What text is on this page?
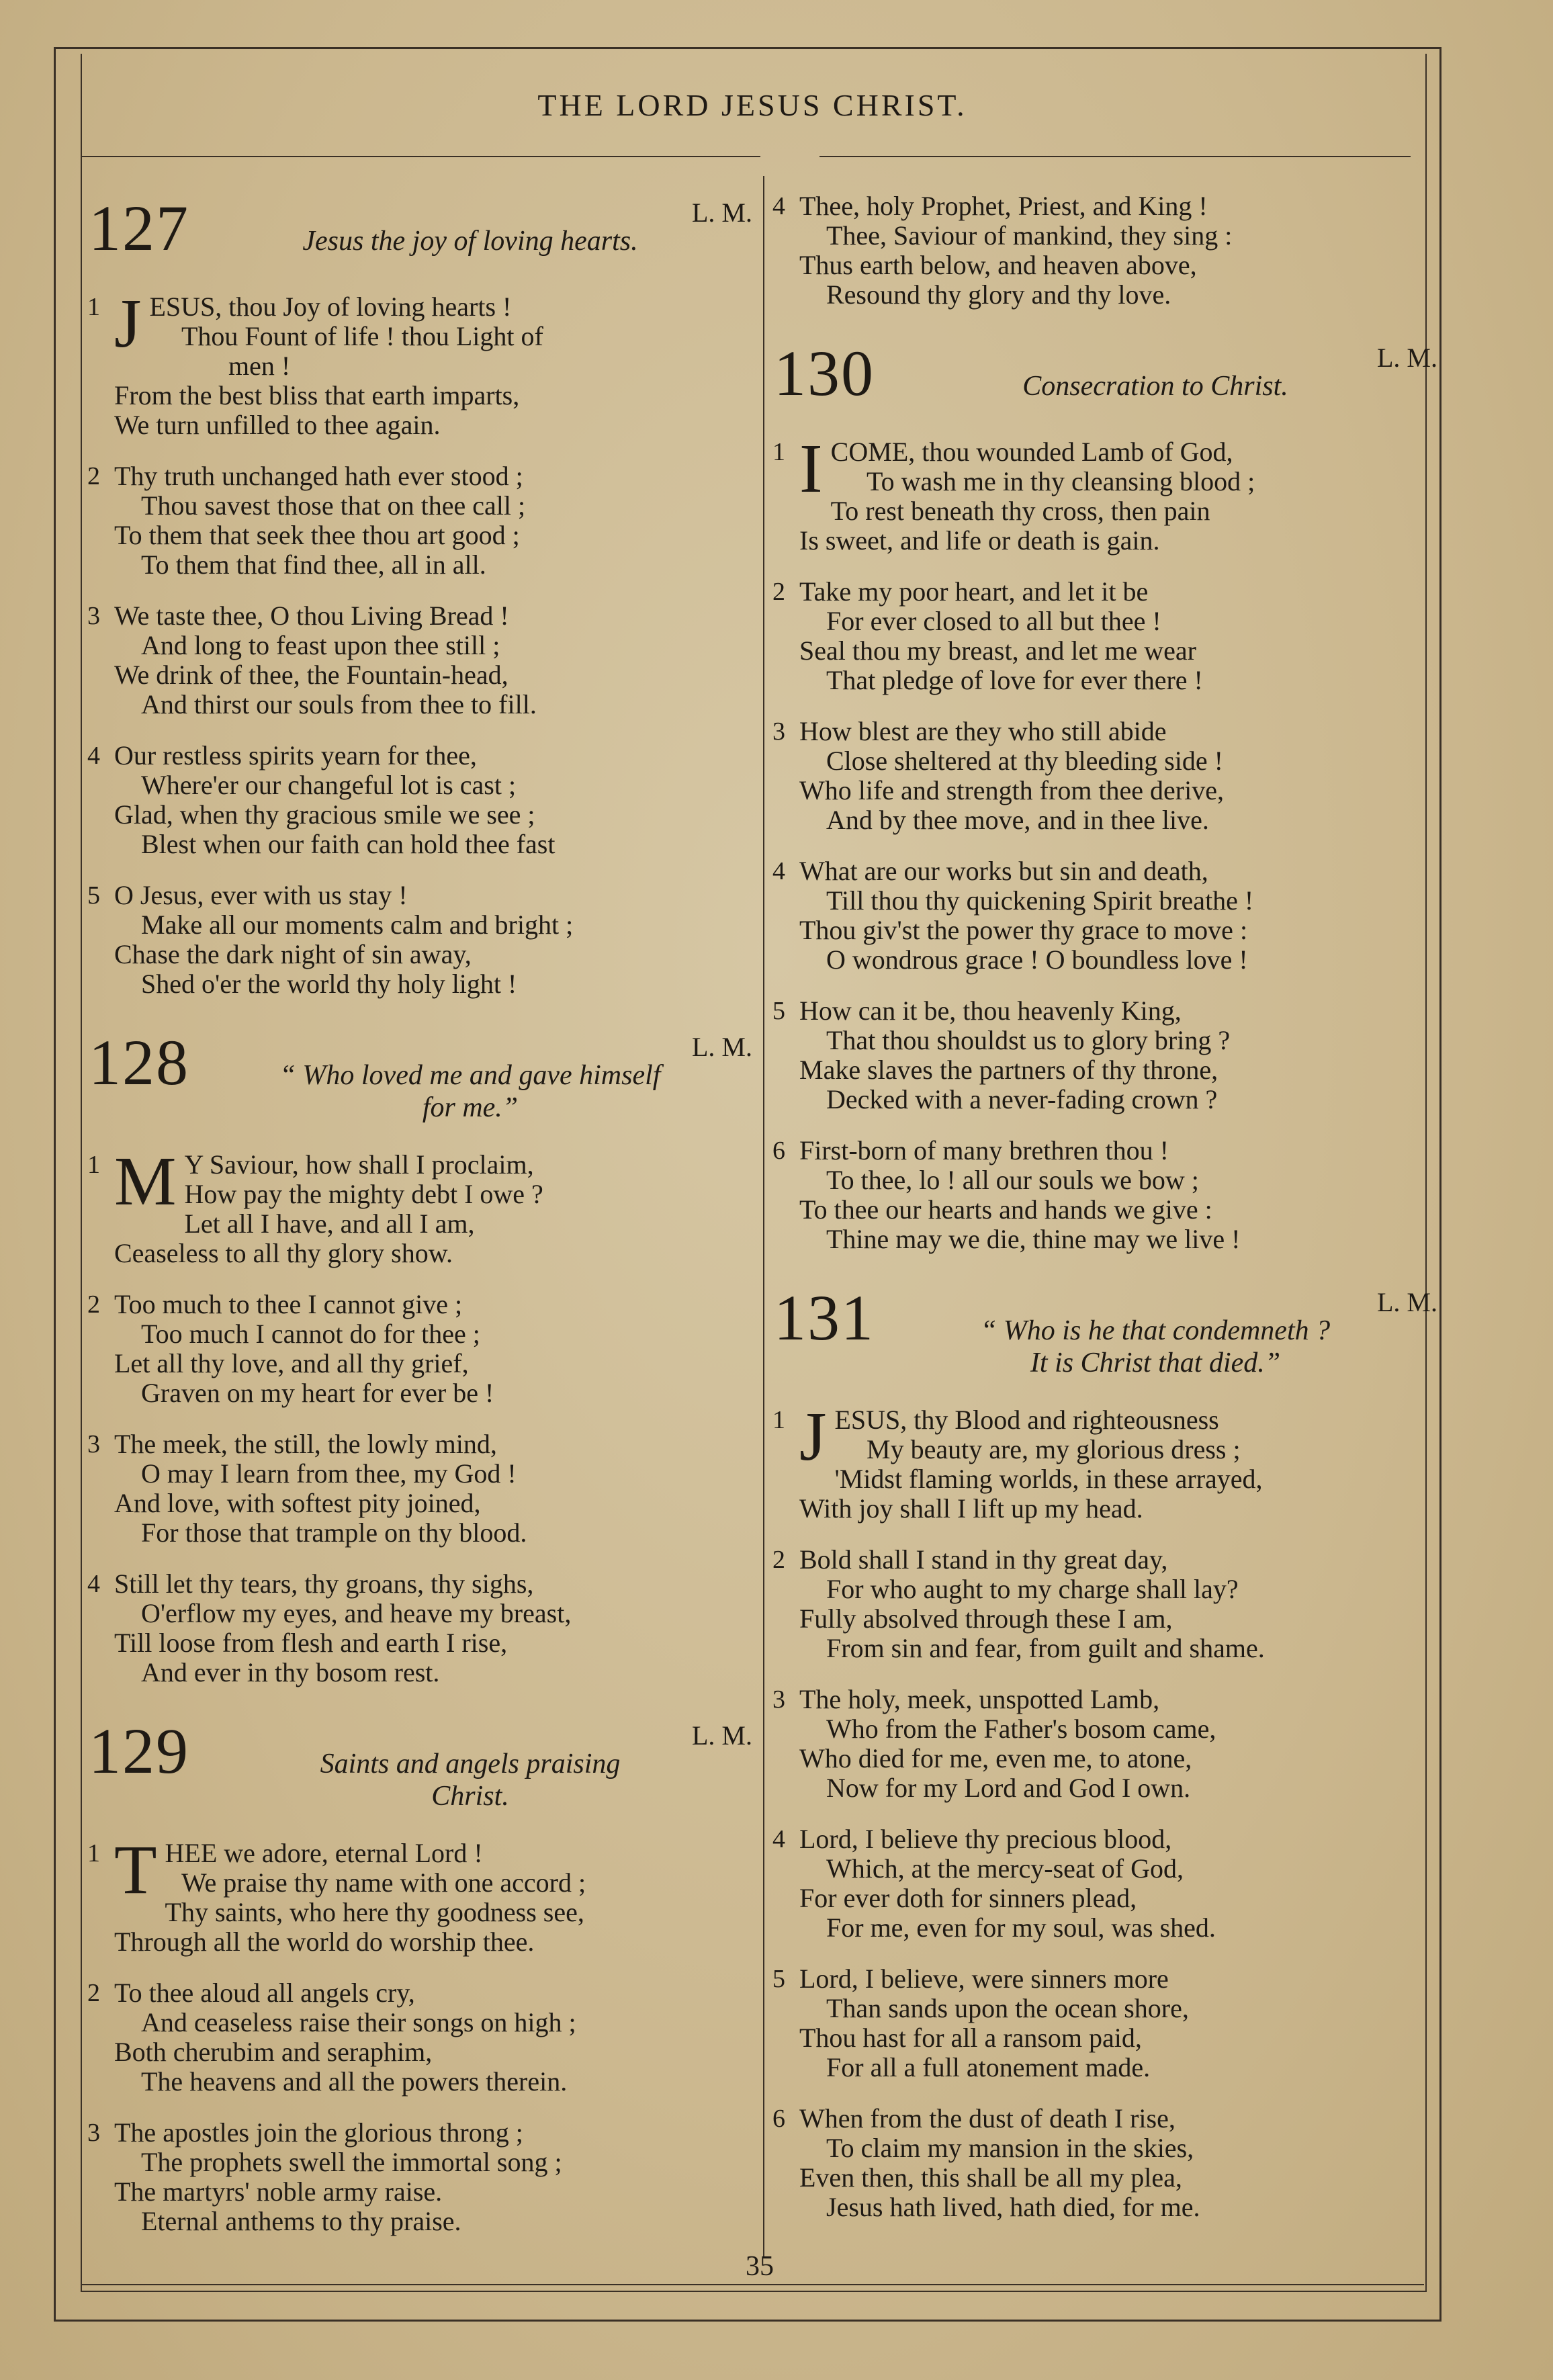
THE LORD JESUS CHRIST.
127	L. M.
Jesus the joy of loving hearts.
1 J ESUS, thou Joy of loving hearts !
Thou Fount of life ! thou Light of
men !
From the best bliss that earth imparts,
We turn unfilled to thee again.
2 Thy truth unchanged hath ever stood ;
Thou savest those that on thee call ;
To them that seek thee thou art good ;
To them that find thee, all in all.
3 We taste thee, O thou Living Bread !
And long to feast upon thee still ;
We drink of thee, the Fountain-head,
And thirst our souls from thee to fill.
4 Our restless spirits yearn for thee,
Where'er our changeful lot is cast ;
Glad, when thy gracious smile we see ;
Blest when our faith can hold thee fast
5 O Jesus, ever with us stay !
Make all our moments calm and bright ;
Chase the dark night of sin away,
Shed o'er the world thy holy light !
128	L. M.
“ Who loved me and gave himself
for me.”
1 M Y Saviour, how shall I proclaim,
How pay the mighty debt I owe ?
Let all I have, and all I am,
Ceaseless to all thy glory show.
2 Too much to thee I cannot give ;
Too much I cannot do for thee ;
Let all thy love, and all thy grief,
Graven on my heart for ever be !
3 The meek, the still, the lowly mind,
O may I learn from thee, my God !
And love, with softest pity joined,
For those that trample on thy blood.
4 Still let thy tears, thy groans, thy sighs,
O'erflow my eyes, and heave my breast,
Till loose from flesh and earth I rise,
And ever in thy bosom rest.
129	L. M.
Saints and angels praising
Christ.
1 T HEE we adore, eternal Lord !
We praise thy name with one accord ;
Thy saints, who here thy goodness see,
Through all the world do worship thee.
2 To thee aloud all angels cry,
And ceaseless raise their songs on high ;
Both cherubim and seraphim,
The heavens and all the powers therein.
3 The apostles join the glorious throng ;
The prophets swell the immortal song ;
The martyrs' noble army raise.
Eternal anthems to thy praise.
4 Thee, holy Prophet, Priest, and King !
Thee, Saviour of mankind, they sing :
Thus earth below, and heaven above,
Resound thy glory and thy love.
130	L. M.
Consecration to Christ.
1 I COME, thou wounded Lamb of God,
To wash me in thy cleansing blood ;
To rest beneath thy cross, then pain
Is sweet, and life or death is gain.
2 Take my poor heart, and let it be
For ever closed to all but thee !
Seal thou my breast, and let me wear
That pledge of love for ever there !
3 How blest are they who still abide
Close sheltered at thy bleeding side !
Who life and strength from thee derive,
And by thee move, and in thee live.
4 What are our works but sin and death,
Till thou thy quickening Spirit breathe !
Thou giv'st the power thy grace to move :
O wondrous grace ! O boundless love !
5 How can it be, thou heavenly King,
That thou shouldst us to glory bring ?
Make slaves the partners of thy throne,
Decked with a never-fading crown ?
6 First-born of many brethren thou !
To thee, lo ! all our souls we bow ;
To thee our hearts and hands we give :
Thine may we die, thine may we live !
131	L. M.
“ Who is he that condemneth ?
It is Christ that died.”
1 J ESUS, thy Blood and righteousness
My beauty are, my glorious dress ;
'Midst flaming worlds, in these arrayed,
With joy shall I lift up my head.
2 Bold shall I stand in thy great day,
For who aught to my charge shall lay?
Fully absolved through these I am,
From sin and fear, from guilt and shame.
3 The holy, meek, unspotted Lamb,
Who from the Father's bosom came,
Who died for me, even me, to atone,
Now for my Lord and God I own.
4 Lord, I believe thy precious blood,
Which, at the mercy-seat of God,
For ever doth for sinners plead,
For me, even for my soul, was shed.
5 Lord, I believe, were sinners more
Than sands upon the ocean shore,
Thou hast for all a ransom paid,
For all a full atonement made.
6 When from the dust of death I rise,
To claim my mansion in the skies,
Even then, this shall be all my plea,
Jesus hath lived, hath died, for me.
35
